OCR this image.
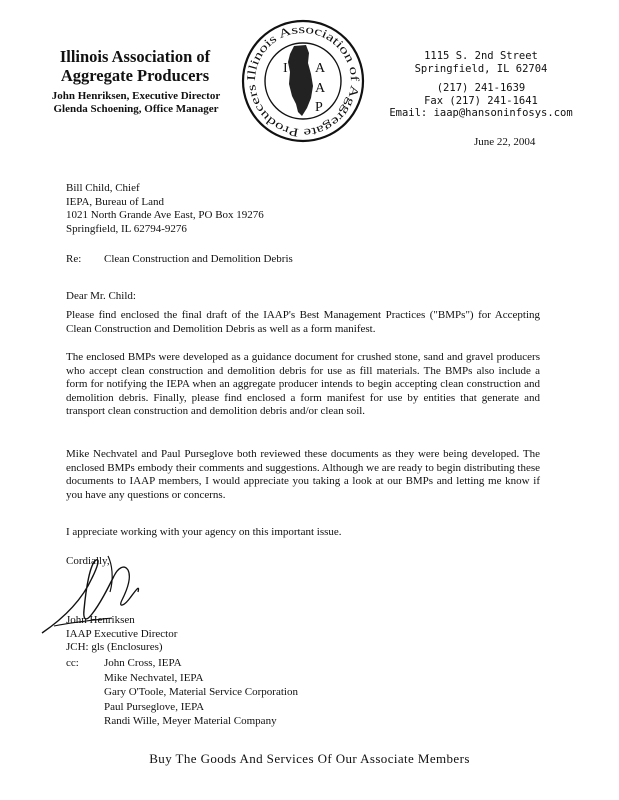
Illinois Association of
Aggregate Producers
John Henriksen, Executive Director
Glenda Schoening, Office Manager
Illinois Association of Aggregate Producers
I A
A
P
1115 S. 2nd Street
Springfield, IL 62704
(217) 241-1639
Fax (217) 241-1641
Email: iaap@hansoninfosys.com
June 22, 2004
Bill Child, Chief
IEPA, Bureau of Land
1021 North Grande Ave East, PO Box 19276
Springfield, IL 62794-9276
Re: Clean Construction and Demolition Debris
Dear Mr. Child:

Please find enclosed the final draft of the IAAP's Best Management Practices ("BMPs") for Accepting Clean Construction and Demolition Debris as well as a form manifest.

The enclosed BMPs were developed as a guidance document for crushed stone, sand and gravel producers who accept clean construction and demolition debris for use as fill materials. The BMPs also include a form for notifying the IEPA when an aggregate producer intends to begin accepting clean construction and demolition debris. Finally, please find enclosed a form manifest for use by entities that generate and transport clean construction and demolition debris and/or clean soil.

Mike Nechvatel and Paul Purseglove both reviewed these documents as they were being developed. The enclosed BMPs embody their comments and suggestions. Although we are ready to begin distributing these documents to IAAP members, I would appreciate you taking a look at our BMPs and letting me know if you have any questions or concerns.

I appreciate working with your agency on this important issue.

Cordially,
John Henriksen
IAAP Executive Director
JCH: gls (Enclosures)
cc: John Cross, IEPA
Mike Nechvatel, IEPA
Gary O'Toole, Material Service Corporation
Paul Purseglove, IEPA
Randi Wille, Meyer Material Company
Buy The Goods And Services Of Our Associate Members
